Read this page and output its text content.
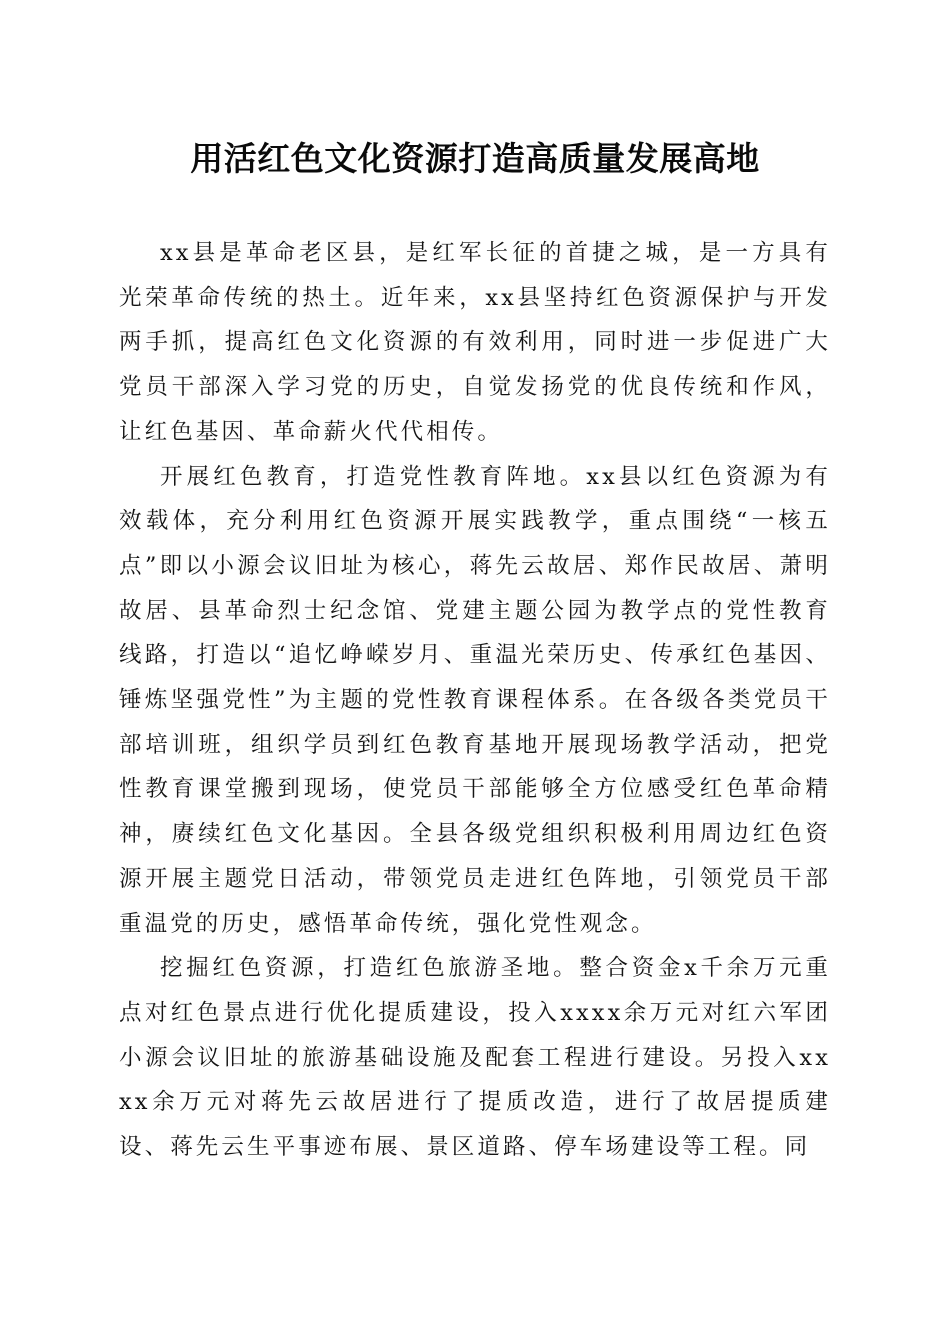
用活红色文化资源打造高质量发展高地

xx县是革命老区县，是红军长征的首捷之城，是一方具有光荣革命传统的热土。近年来，xx县坚持红色资源保护与开发两手抓，提高红色文化资源的有效利用，同时进一步促进广大党员干部深入学习党的历史，自觉发扬党的优良传统和作风，让红色基因、革命薪火代代相传。

开展红色教育，打造党性教育阵地。xx县以红色资源为有效载体，充分利用红色资源开展实践教学，重点围绕“一核五点”即以小源会议旧址为核心，蒋先云故居、郑作民故居、萧明故居、县革命烈士纪念馆、党建主题公园为教学点的党性教育线路，打造以“追忆峥嵘岁月、重温光荣历史、传承红色基因、锤炼坚强党性”为主题的党性教育课程体系。在各级各类党员干部培训班，组织学员到红色教育基地开展现场教学活动，把党性教育课堂搬到现场，使党员干部能够全方位感受红色革命精神，赓续红色文化基因。全县各级党组织积极利用周边红色资源开展主题党日活动，带领党员走进红色阵地，引领党员干部重温党的历史，感悟革命传统，强化党性观念。

挖掘红色资源，打造红色旅游圣地。整合资金x千余万元重点对红色景点进行优化提质建设，投入xxxx余万元对红六军团小源会议旧址的旅游基础设施及配套工程进行建设。另投入xxxx余万元对蒋先云故居进行了提质改造，进行了故居提质建设、蒋先云生平事迹布展、景区道路、停车场建设等工程。同
